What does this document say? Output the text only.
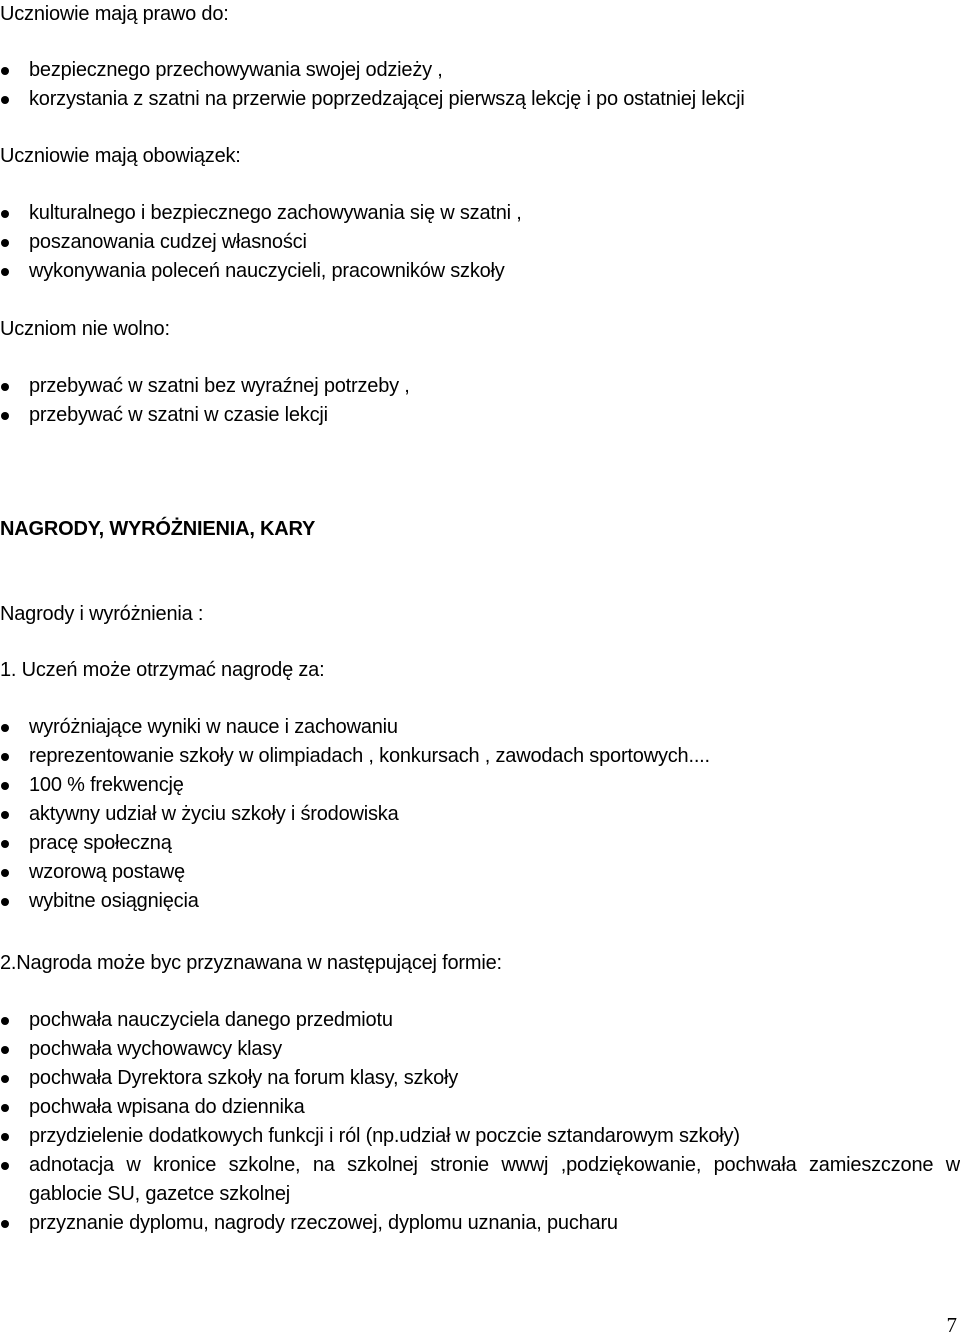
Uczniowie mają prawo do:

bezpiecznego przechowywania swojej odzieży ,
korzystania z szatni na przerwie poprzedzającej pierwszą lekcję i po ostatniej lekcji

Uczniowie mają obowiązek:

kulturalnego i bezpiecznego zachowywania się w szatni ,
poszanowania cudzej własności
wykonywania poleceń nauczycieli, pracowników szkoły

Uczniom nie wolno:

przebywać w szatni bez wyraźnej potrzeby ,
przebywać w szatni w czasie lekcji

NAGRODY, WYRÓŻNIENIA, KARY

Nagrody i wyróżnienia :

1. Uczeń może otrzymać nagrodę za:

wyróżniające wyniki w nauce i zachowaniu
reprezentowanie szkoły w olimpiadach , konkursach , zawodach sportowych....
100 % frekwencję
aktywny udział w życiu szkoły i środowiska
pracę społeczną
wzorową postawę
wybitne osiągnięcia

2.Nagroda może byc przyznawana w następującej formie:

pochwała nauczyciela danego przedmiotu
pochwała wychowawcy klasy
pochwała Dyrektora szkoły na forum klasy, szkoły
pochwała wpisana do dziennika
przydzielenie dodatkowych funkcji i ról (np.udział w poczcie sztandarowym szkoły)
adnotacja w kronice szkolne, na szkolnej stronie wwwj ,podziękowanie, pochwała zamieszczone w gablocie SU, gazetce szkolnej
przyznanie dyplomu, nagrody rzeczowej, dyplomu uznania, pucharu
7
